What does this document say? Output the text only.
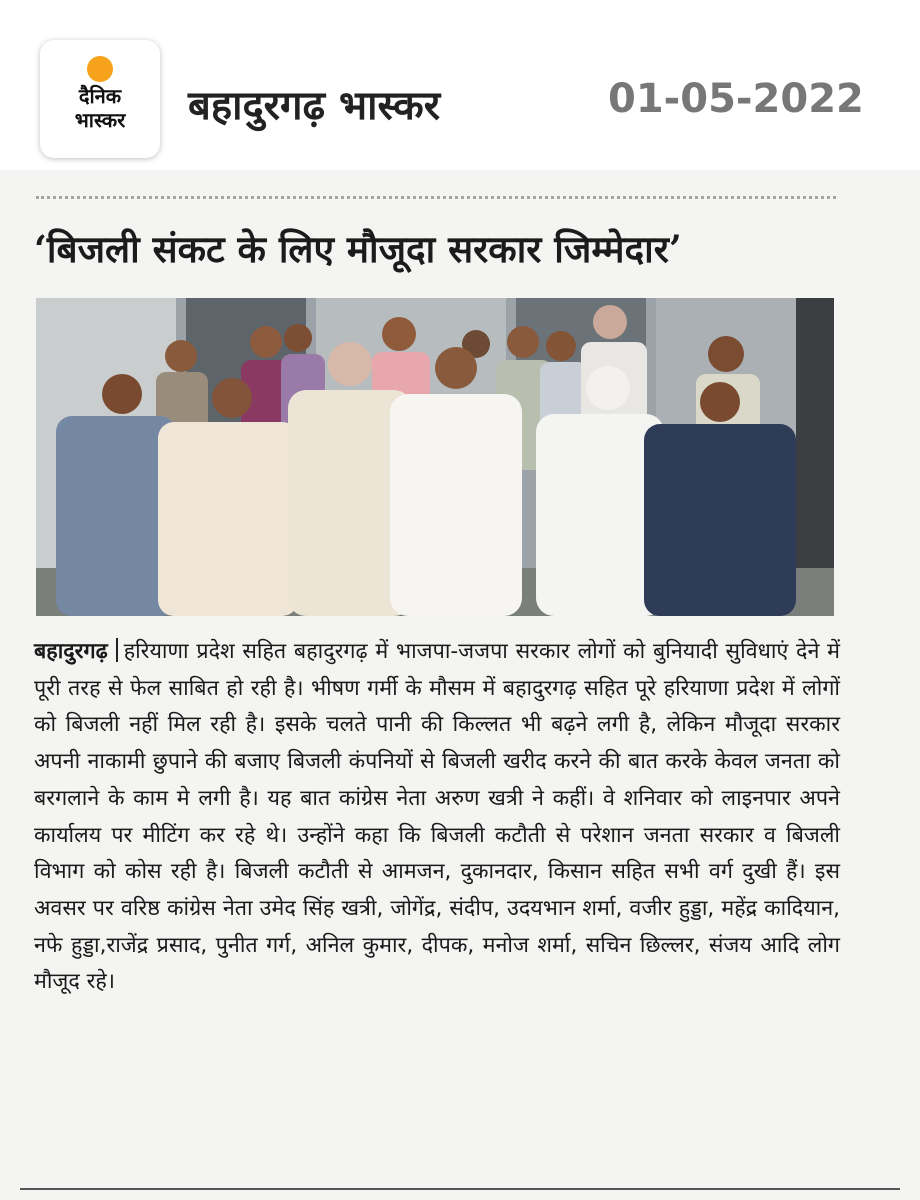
दैनिक
भास्कर	बहादुरगढ़ भास्कर	01-05-2022
‘बिजली संकट के लिए मौजूदा सरकार जिम्मेदार’
बहादुरगढ़ हरियाणा प्रदेश सहित बहादुरगढ़ में भाजपा-जजपा सरकार लोगों को बुनियादी सुविधाएं देने में पूरी तरह से फेल साबित हो रही है। भीषण गर्मी के मौसम में बहादुरगढ़ सहित पूरे हरियाणा प्रदेश में लोगों को बिजली नहीं मिल रही है। इसके चलते पानी की किल्लत भी बढ़ने लगी है, लेकिन मौजूदा सरकार अपनी नाकामी छुपाने की बजाए बिजली कंपनियों से बिजली खरीद करने की बात करके केवल जनता को बरगलाने के काम मे लगी है। यह बात कांग्रेस नेता अरुण खत्री ने कहीं। वे शनिवार को लाइनपार अपने कार्यालय पर मीटिंग कर रहे थे। उन्होंने कहा कि बिजली कटौती से परेशान जनता सरकार व बिजली विभाग को कोस रही है। बिजली कटौती से आमजन, दुकानदार, किसान सहित सभी वर्ग दुखी हैं। इस अवसर पर वरिष्ठ कांग्रेस नेता उमेद सिंह खत्री, जोगेंद्र, संदीप, उदयभान शर्मा, वजीर हुड्डा, महेंद्र कादियान, नफे हुड्डा,राजेंद्र प्रसाद, पुनीत गर्ग, अनिल कुमार, दीपक, मनोज शर्मा, सचिन छिल्लर, संजय आदि लोग मौजूद रहे।
